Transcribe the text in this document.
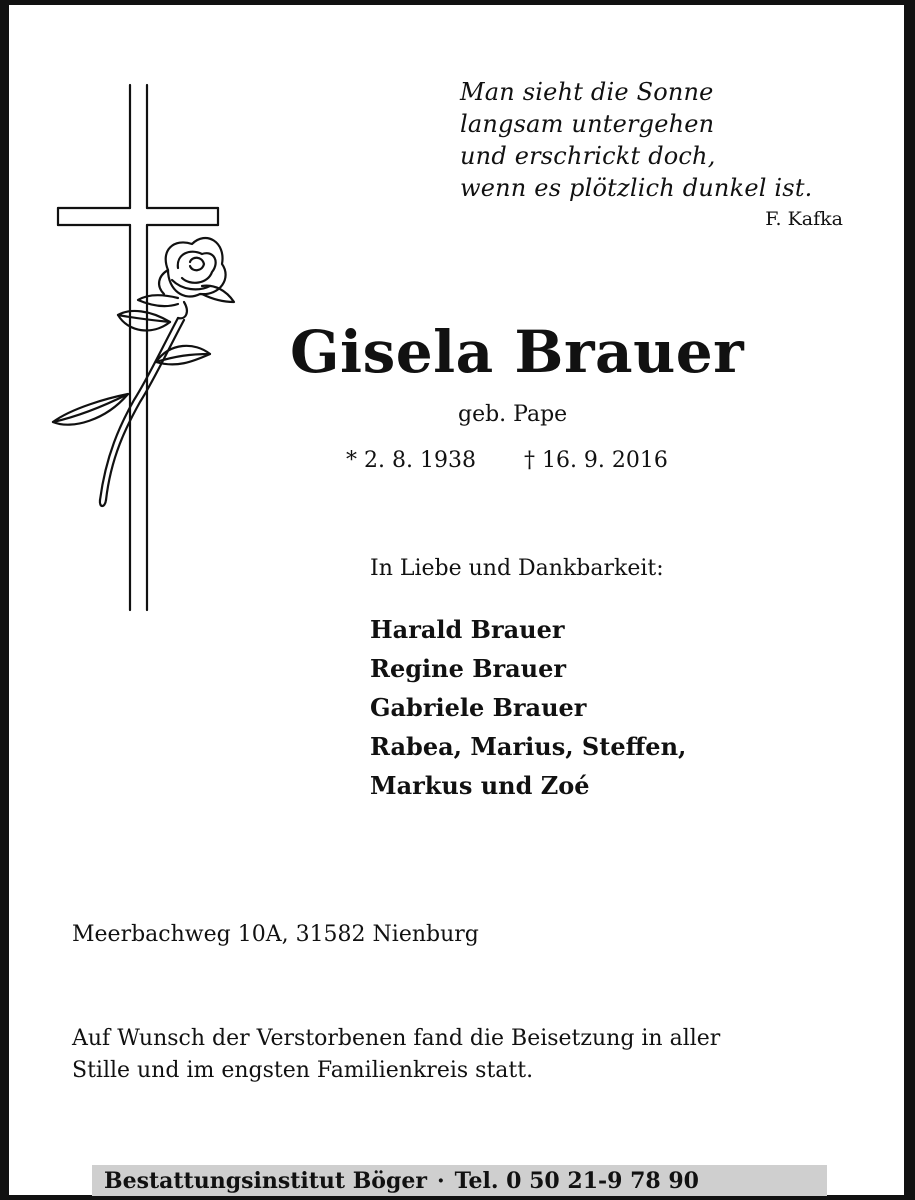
Man sieht die Sonne
langsam untergehen
und erschrickt doch,
wenn es plötzlich dunkel ist.
F. Kafka
Gisela Brauer
geb. Pape
* 2. 8. 1938 † 16. 9. 2016
In Liebe und Dankbarkeit:
Harald Brauer
Regine Brauer
Gabriele Brauer
Rabea, Marius, Steffen,
Markus und Zoé
Meerbachweg 10A, 31582 Nienburg
Auf Wunsch der Verstorbenen fand die Beisetzung in aller
Stille und im engsten Familienkreis statt.
Bestattungsinstitut Böger · Tel. 0 50 21-9 78 90
